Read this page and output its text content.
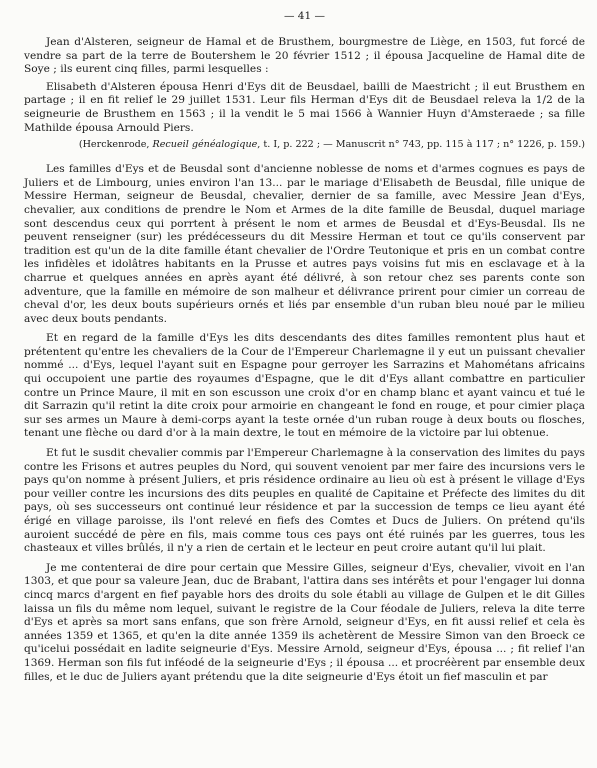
— 41 —

Jean d'Alsteren, seigneur de Hamal et de Brusthem, bourgmestre de Liège, en 1503, fut forcé de vendre sa part de la terre de Boutershem le 20 février 1512 ; il épousa Jacqueline de Hamal dite de Soye ; ils eurent cinq filles, parmi lesquelles :

Elisabeth d'Alsteren épousa Henri d'Eys dit de Beusdael, bailli de Maestricht ; il eut Brusthem en partage ; il en fit relief le 29 juillet 1531. Leur fils Herman d'Eys dit de Beusdael releva la 1/2 de la seigneurie de Brusthem en 1563 ; il la vendit le 5 mai 1566 à Wannier Huyn d'Amsteraede ; sa fille Mathilde épousa Arnould Piers.

(Herckenrode, Recueil généalogique, t. I, p. 222 ; — Manuscrit n° 743, pp. 115 à 117 ; n° 1226, p. 159.)

Les familles d'Eys et de Beusdal sont d'ancienne noblesse de noms et d'armes cognues es pays de Juliers et de Limbourg, unies environ l'an 13... par le mariage d'Elisabeth de Beusdal, fille unique de Messire Herman, seigneur de Beusdal, chevalier, dernier de sa famille, avec Messire Jean d'Eys, chevalier, aux conditions de prendre le Nom et Armes de la dite famille de Beusdal, duquel mariage sont descendus ceux qui porrtent à présent le nom et armes de Beusdal et d'Eys-Beusdal. Ils ne peuvent renseigner (sur) les prédécesseurs du dit Messire Herman et tout ce qu'ils conservent par tradition est qu'un de la dite famille étant chevalier de l'Ordre Teutonique et pris en un combat contre les infidèles et idolâtres habitants en la Prusse et autres pays voisins fut mis en esclavage et à la charrue et quelques années en après ayant été délivré, à son retour chez ses parents conte son adventure, que la famille en mémoire de son malheur et délivrance prirent pour cimier un correau de cheval d'or, les deux bouts supérieurs ornés et liés par ensemble d'un ruban bleu noué par le milieu avec deux bouts pendants.

Et en regard de la famille d'Eys les dits descendants des dites familles remontent plus haut et prétentent qu'entre les chevaliers de la Cour de l'Empereur Charlemagne il y eut un puissant chevalier nommé ... d'Eys, lequel l'ayant suit en Espagne pour gerroyer les Sarrazins et Mahométans africains qui occupoient une partie des royaumes d'Espagne, que le dit d'Eys allant combattre en particulier contre un Prince Maure, il mit en son escusson une croix d'or en champ blanc et ayant vaincu et tué le dit Sarrazin qu'il retint la dite croix pour armoirie en changeant le fond en rouge, et pour cimier plaça sur ses armes un Maure à demi-corps ayant la teste ornée d'un ruban rouge à deux bouts ou flosches, tenant une flèche ou dard d'or à la main dextre, le tout en mémoire de la victoire par lui obtenue.

Et fut le susdit chevalier commis par l'Empereur Charlemagne à la conservation des limites du pays contre les Frisons et autres peuples du Nord, qui souvent venoient par mer faire des incursions vers le pays qu'on nomme à présent Juliers, et pris résidence ordinaire au lieu où est à présent le village d'Eys pour veiller contre les incursions des dits peuples en qualité de Capitaine et Préfecte des limites du dit pays, où ses successeurs ont continué leur résidence et par la succession de temps ce lieu ayant été érigé en village paroisse, ils l'ont relevé en fiefs des Comtes et Ducs de Juliers. On prétend qu'ils auroient succédé de père en fils, mais comme tous ces pays ont été ruinés par les guerres, tous les chasteaux et villes brûlés, il n'y a rien de certain et le lecteur en peut croire autant qu'il lui plait.

Je me contenterai de dire pour certain que Messire Gilles, seigneur d'Eys, chevalier, vivoit en l'an 1303, et que pour sa valeure Jean, duc de Brabant, l'attira dans ses intérêts et pour l'engager lui donna cincq marcs d'argent en fief payable hors des droits du sole établi au village de Gulpen et le dit Gilles laissa un fils du même nom lequel, suivant le registre de la Cour féodale de Juliers, releva la dite terre d'Eys et après sa mort sans enfans, que son frère Arnold, seigneur d'Eys, en fit aussi relief et cela ès années 1359 et 1365, et qu'en la dite année 1359 ils achetèrent de Messire Simon van den Broeck ce qu'icelui possédait en ladite seigneurie d'Eys. Messire Arnold, seigneur d'Eys, épousa ... ; fit relief l'an 1369. Herman son fils fut inféodé de la seigneurie d'Eys ; il épousa ... et procréèrent par ensemble deux filles, et le duc de Juliers ayant prétendu que la dite seigneurie d'Eys étoit un fief masculin et par
